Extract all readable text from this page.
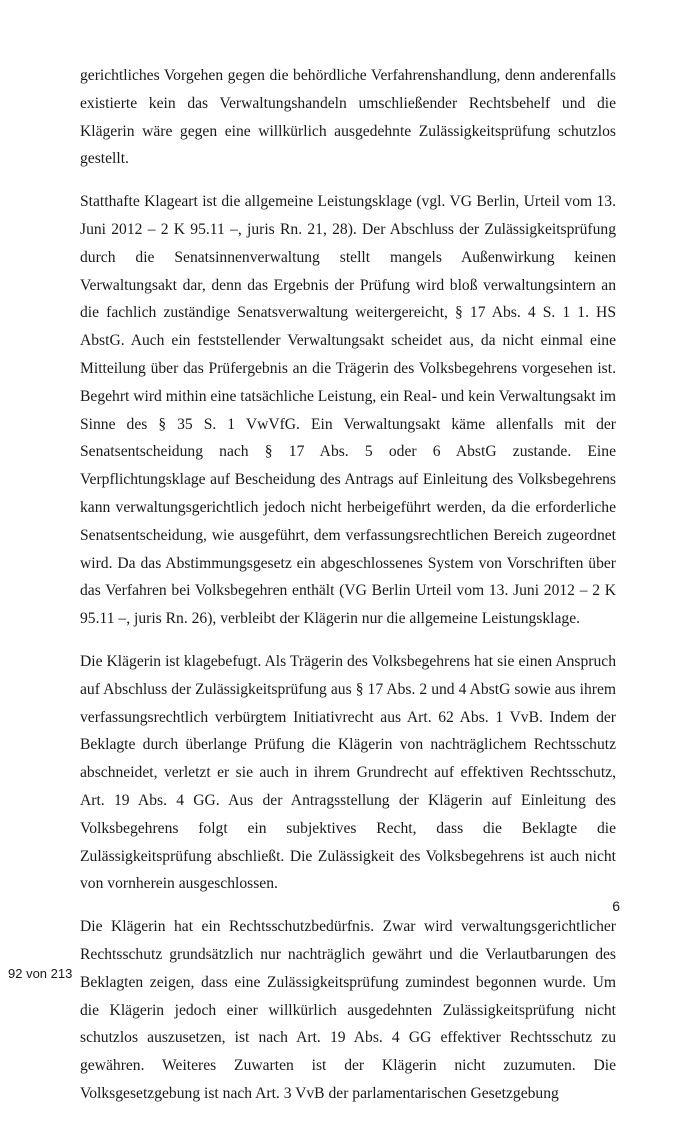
gerichtliches Vorgehen gegen die behördliche Verfahrenshandlung, denn anderenfalls existierte kein das Verwaltungshandeln umschließender Rechtsbehelf und die Klägerin wäre gegen eine willkürlich ausgedehnte Zulässigkeitsprüfung schutzlos gestellt.

Statthafte Klageart ist die allgemeine Leistungsklage (vgl. VG Berlin, Urteil vom 13. Juni 2012 – 2 K 95.11 –, juris Rn. 21, 28). Der Abschluss der Zulässigkeitsprüfung durch die Senatsinnenverwaltung stellt mangels Außenwirkung keinen Verwaltungsakt dar, denn das Ergebnis der Prüfung wird bloß verwaltungsintern an die fachlich zuständige Senatsverwaltung weitergereicht, § 17 Abs. 4 S. 1 1. HS AbstG. Auch ein feststellender Verwaltungsakt scheidet aus, da nicht einmal eine Mitteilung über das Prüfergebnis an die Trägerin des Volksbegehrens vorgesehen ist. Begehrt wird mithin eine tatsächliche Leistung, ein Real- und kein Verwaltungsakt im Sinne des § 35 S. 1 VwVfG. Ein Verwaltungsakt käme allenfalls mit der Senatsentscheidung nach § 17 Abs. 5 oder 6 AbstG zustande. Eine Verpflichtungsklage auf Bescheidung des Antrags auf Einleitung des Volksbegehrens kann verwaltungsgerichtlich jedoch nicht herbeigeführt werden, da die erforderliche Senatsentscheidung, wie ausgeführt, dem verfassungsrechtlichen Bereich zugeordnet wird. Da das Abstimmungsgesetz ein abgeschlossenes System von Vorschriften über das Verfahren bei Volksbegehren enthält (VG Berlin Urteil vom 13. Juni 2012 – 2 K 95.11 –, juris Rn. 26), verbleibt der Klägerin nur die allgemeine Leistungsklage.

Die Klägerin ist klagebefugt. Als Trägerin des Volksbegehrens hat sie einen Anspruch auf Abschluss der Zulässigkeitsprüfung aus § 17 Abs. 2 und 4 AbstG sowie aus ihrem verfassungsrechtlich verbürgtem Initiativrecht aus Art. 62 Abs. 1 VvB. Indem der Beklagte durch überlange Prüfung die Klägerin von nachträglichem Rechtsschutz abschneidet, verletzt er sie auch in ihrem Grundrecht auf effektiven Rechtsschutz, Art. 19 Abs. 4 GG. Aus der Antragsstellung der Klägerin auf Einleitung des Volksbegehrens folgt ein subjektives Recht, dass die Beklagte die Zulässigkeitsprüfung abschließt. Die Zulässigkeit des Volksbegehrens ist auch nicht von vornherein ausgeschlossen.

Die Klägerin hat ein Rechtsschutzbedürfnis. Zwar wird verwaltungsgerichtlicher Rechtsschutz grundsätzlich nur nachträglich gewährt und die Verlautbarungen des Beklagten zeigen, dass eine Zulässigkeitsprüfung zumindest begonnen wurde. Um die Klägerin jedoch einer willkürlich ausgedehnten Zulässigkeitsprüfung nicht schutzlos auszusetzen, ist nach Art. 19 Abs. 4 GG effektiver Rechtsschutz zu gewähren. Weiteres Zuwarten ist der Klägerin nicht zuzumuten. Die Volksgesetzgebung ist nach Art. 3 VvB der parlamentarischen Gesetzgebung

6
92 von 213
